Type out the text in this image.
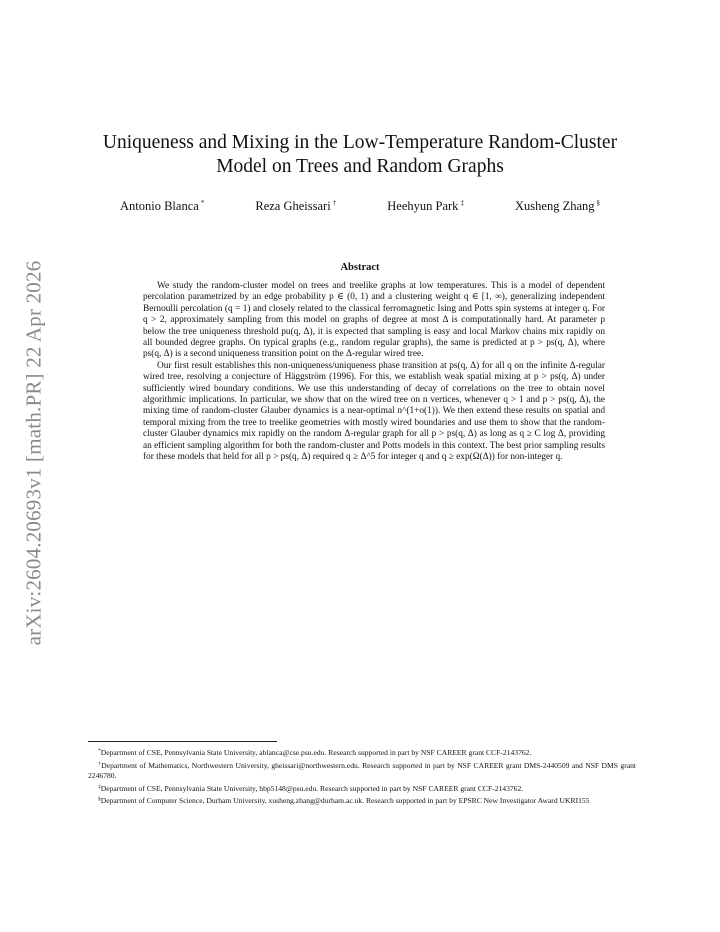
arXiv:2604.20693v1 [math.PR] 22 Apr 2026
Uniqueness and Mixing in the Low-Temperature Random-Cluster
Model on Trees and Random Graphs
Antonio Blanca *	Reza Gheissari †	Heehyun Park ‡	Xusheng Zhang §
Abstract

We study the random-cluster model on trees and treelike graphs at low temperatures. This is a model of dependent percolation parametrized by an edge probability p ∈ (0, 1) and a clustering weight q ∈ [1, ∞), generalizing independent Bernoulli percolation (q = 1) and closely related to the classical ferromagnetic Ising and Potts spin systems at integer q. For q > 2, approximately sampling from this model on graphs of degree at most Δ is computationally hard. At parameter p below the tree uniqueness threshold pu(q, Δ), it is expected that sampling is easy and local Markov chains mix rapidly on all bounded degree graphs. On typical graphs (e.g., random regular graphs), the same is predicted at p > ps(q, Δ), where ps(q, Δ) is a second uniqueness transition point on the Δ-regular wired tree.

Our first result establishes this non-uniqueness/uniqueness phase transition at ps(q, Δ) for all q on the infinite Δ-regular wired tree, resolving a conjecture of Häggström (1996). For this, we establish weak spatial mixing at p > ps(q, Δ) under sufficiently wired boundary conditions. We use this understanding of decay of correlations on the tree to obtain novel algorithmic implications. In particular, we show that on the wired tree on n vertices, whenever q > 1 and p > ps(q, Δ), the mixing time of random-cluster Glauber dynamics is a near-optimal n^(1+o(1)). We then extend these results on spatial and temporal mixing from the tree to treelike geometries with mostly wired boundaries and use them to show that the random-cluster Glauber dynamics mix rapidly on the random Δ-regular graph for all p > ps(q, Δ) as long as q ≥ C log Δ, providing an efficient sampling algorithm for both the random-cluster and Potts models in this context. The best prior sampling results for these models that held for all p > ps(q, Δ) required q ≥ Δ^5 for integer q and q ≥ exp(Ω(Δ)) for non-integer q.

*Department of CSE, Pennsylvania State University, ablanca@cse.psu.edu. Research supported in part by NSF CAREER grant CCF-2143762.

†Department of Mathematics, Northwestern University, gheissari@northwestern.edu. Research supported in part by NSF CAREER grant DMS-2440509 and NSF DMS grant 2246780.

‡Department of CSE, Pennsylvania State University, hbp5148@psu.edu. Research supported in part by NSF CAREER grant CCF-2143762.

§Department of Computer Science, Durham University, xusheng.zhang@durham.ac.uk. Research supported in part by EPSRC New Investigator Award UKRI155
